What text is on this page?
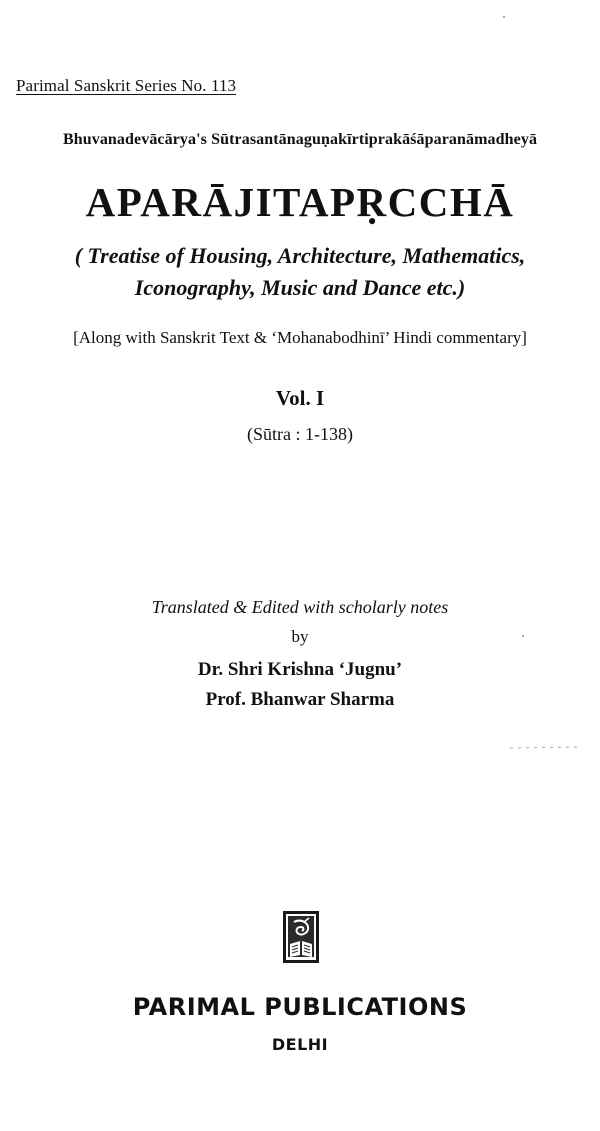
Parimal Sanskrit Series No. 113
Bhuvanadevācārya's Sūtrasantānaguṇakīrtiprakāśāparanāmadheyā
APARĀJITAPṚCCHĀ
( Treatise of Housing, Architecture, Mathematics,
Iconography, Music and Dance etc.)
[Along with Sanskrit Text & ‘Mohanabodhinī’ Hindi commentary]
Vol. I
(Sūtra : 1-138)
Translated & Edited with scholarly notes
by
Dr. Shri Krishna ‘Jugnu’
Prof. Bhanwar Sharma
PARIMAL PUBLICATIONS
DELHI
